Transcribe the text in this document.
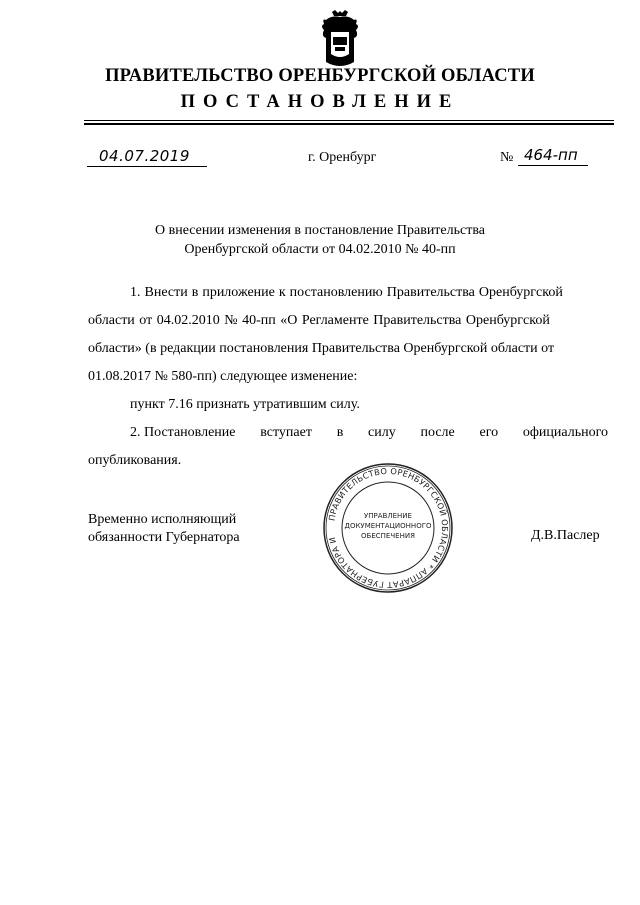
ПРАВИТЕЛЬСТВО ОРЕНБУРГСКОЙ ОБЛАСТИ
ПОСТАНОВЛЕНИЕ
04.07.2019	г. Оренбург	№ 464-пп
О внесении изменения в постановление Правительства
Оренбургской области от 04.02.2010 № 40-пп
1. Внести в приложение к постановлению Правительства Оренбургской
области от 04.02.2010 № 40-пп «О Регламенте Правительства Оренбургской
области» (в редакции постановления Правительства Оренбургской области от
01.08.2017 № 580-пп) следующее изменение:
пункт 7.16 признать утратившим силу.
2. Постановление вступает в силу после его официального
опубликования.
Временно исполняющий
обязанности Губернатора	Д.В.Паслер
ПРАВИТЕЛЬСТВО ОРЕНБУРГСКОЙ ОБЛАСТИ * АППАРАТ ГУБЕРНАТОРА И
УПРАВЛЕНИЕ
ДОКУМЕНТАЦИОННОГО
ОБЕСПЕЧЕНИЯ
